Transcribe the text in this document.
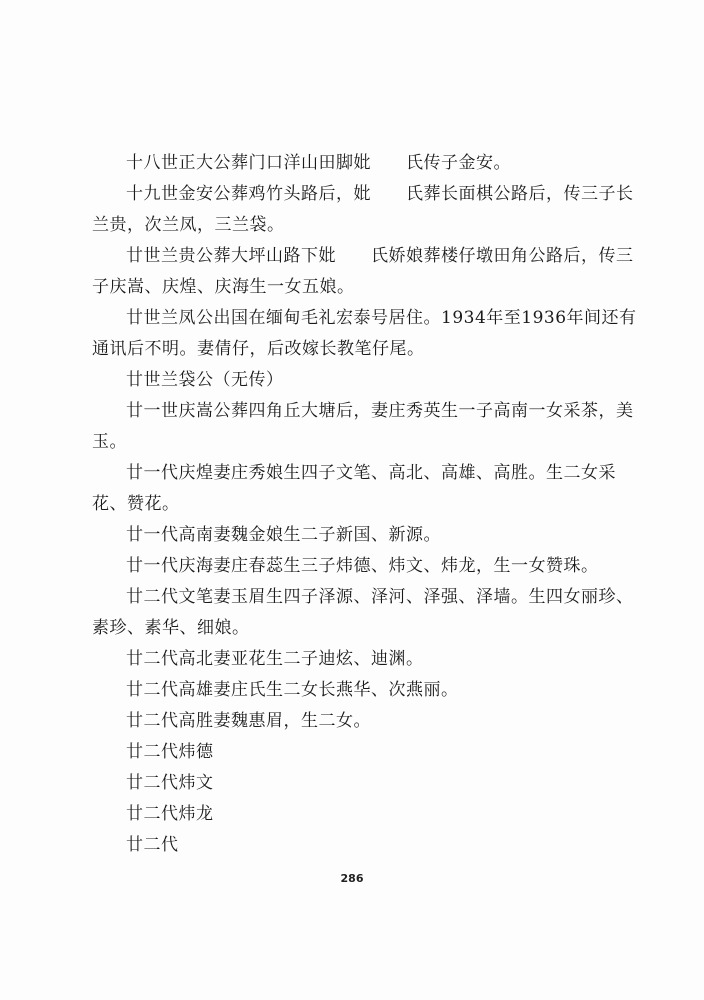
十八世正大公葬门口洋山田脚妣　　氏传子金安。

十九世金安公葬鸡竹头路后，妣　　氏葬长面棋公路后，传三子长兰贵，次兰凤，三兰袋。

廿世兰贵公葬大坪山路下妣　　氏娇娘葬楼仔墩田角公路后，传三子庆嵩、庆煌、庆海生一女五娘。

廿世兰凤公出国在缅甸毛礼宏泰号居住。1934年至1936年间还有通讯后不明。妻倩仔，后改嫁长教笔仔尾。

廿世兰袋公（无传）

廿一世庆嵩公葬四角丘大塘后，妻庄秀英生一子高南一女采茶，美玉。

廿一代庆煌妻庄秀娘生四子文笔、高北、高雄、高胜。生二女采花、赞花。

廿一代高南妻魏金娘生二子新国、新源。

廿一代庆海妻庄春蕊生三子炜德、炜文、炜龙，生一女赞珠。

廿二代文笔妻玉眉生四子泽源、泽河、泽强、泽墙。生四女丽珍、素珍、素华、细娘。

廿二代高北妻亚花生二子迪炫、迪渊。

廿二代高雄妻庄氏生二女长燕华、次燕丽。

廿二代高胜妻魏惠眉，生二女。

廿二代炜德

廿二代炜文

廿二代炜龙

廿二代

286
